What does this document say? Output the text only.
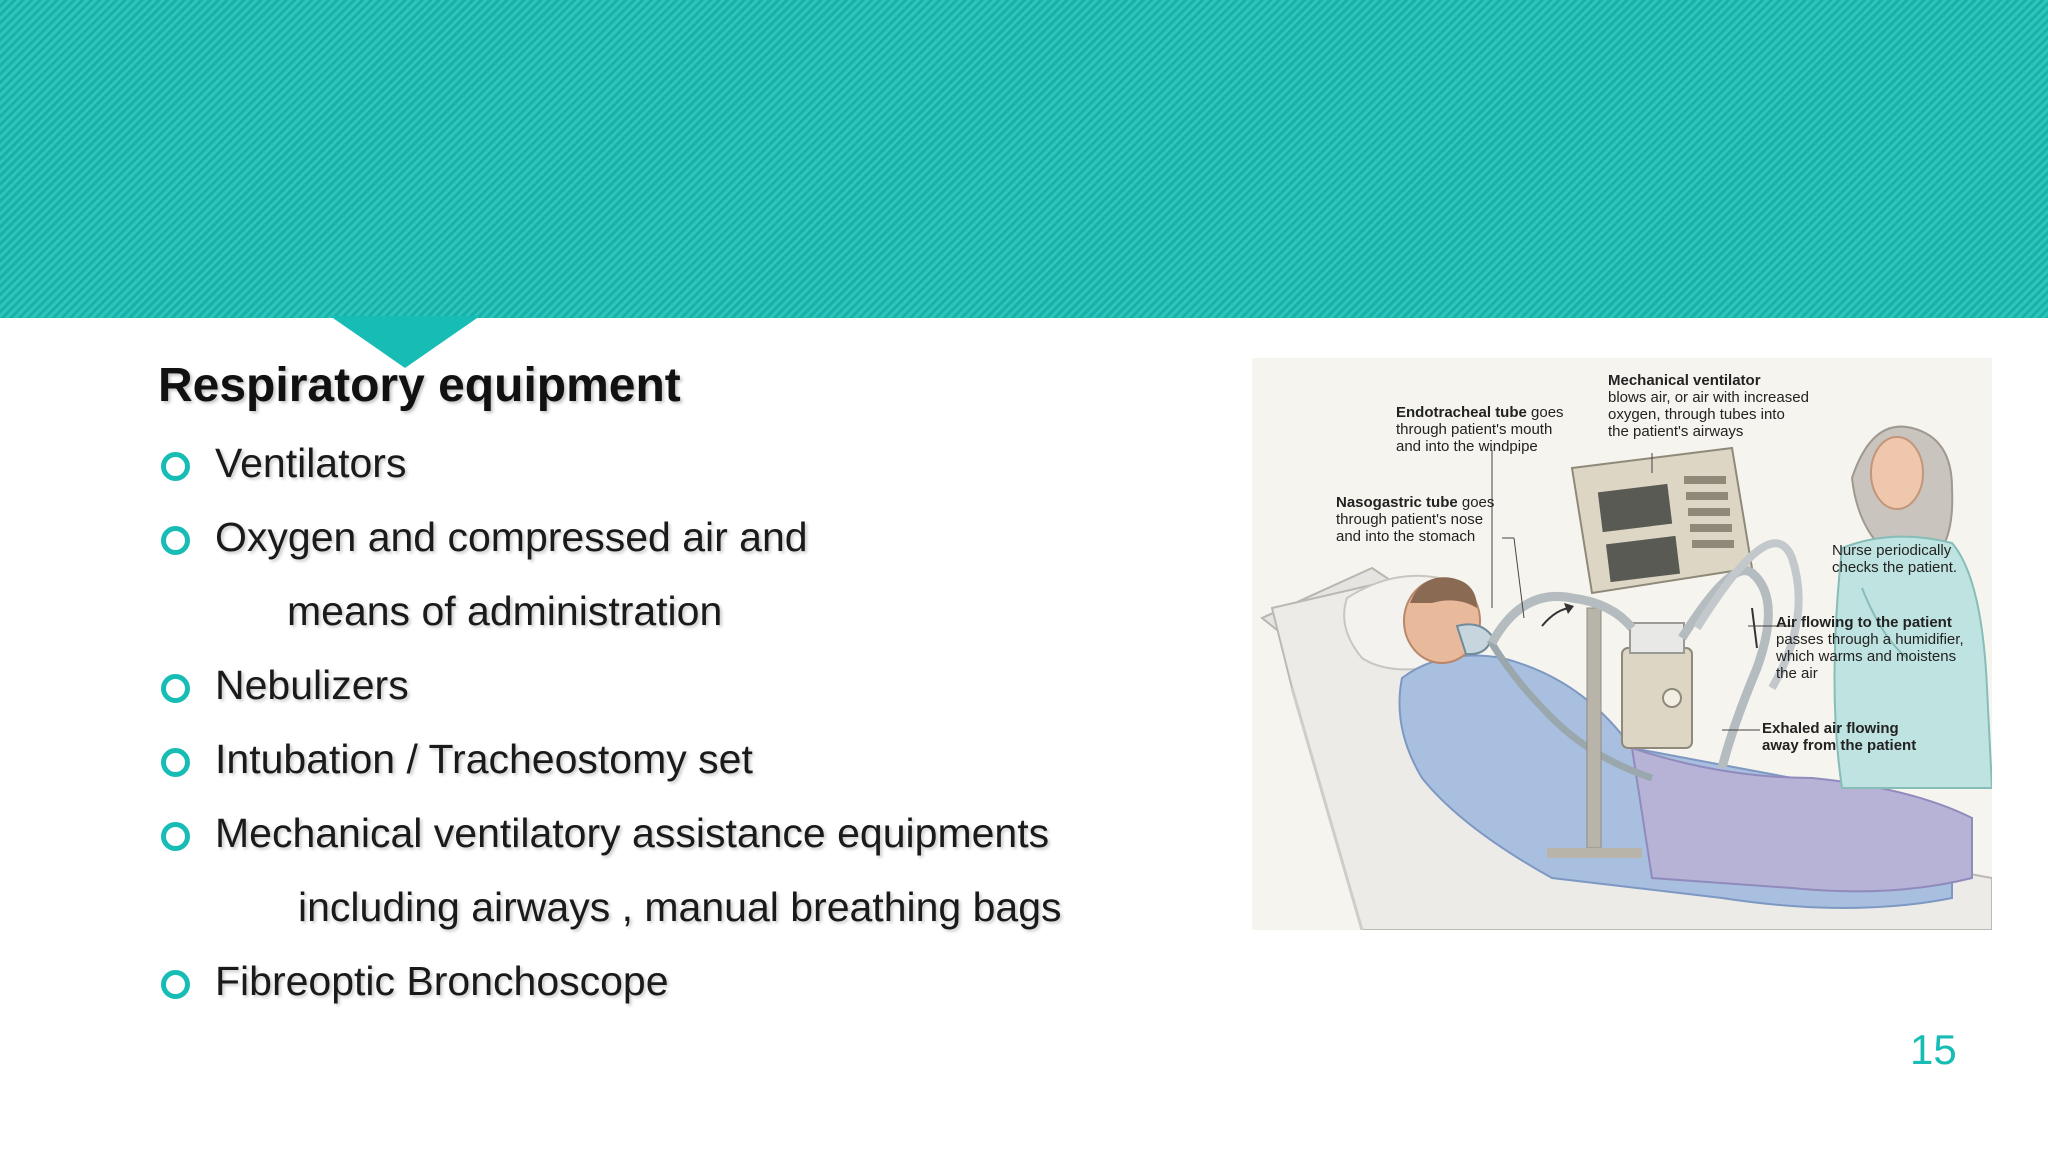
Respiratory equipment
Ventilators
Oxygen and compressed air and
means of administration
Nebulizers
Intubation / Tracheostomy set
Mechanical ventilatory assistance equipments
including airways , manual breathing bags
Fibreoptic Bronchoscope
Mechanical ventilator
blows air, or air with increased
oxygen, through tubes into
the patient's airways
Endotracheal tube goes
through patient's mouth
and into the windpipe
Nasogastric tube goes
through patient's nose
and into the stomach
Nurse periodically
checks the patient.
Air flowing to the patient
passes through a humidifier,
which warms and moistens
the air
Exhaled air flowing
away from the patient
15
